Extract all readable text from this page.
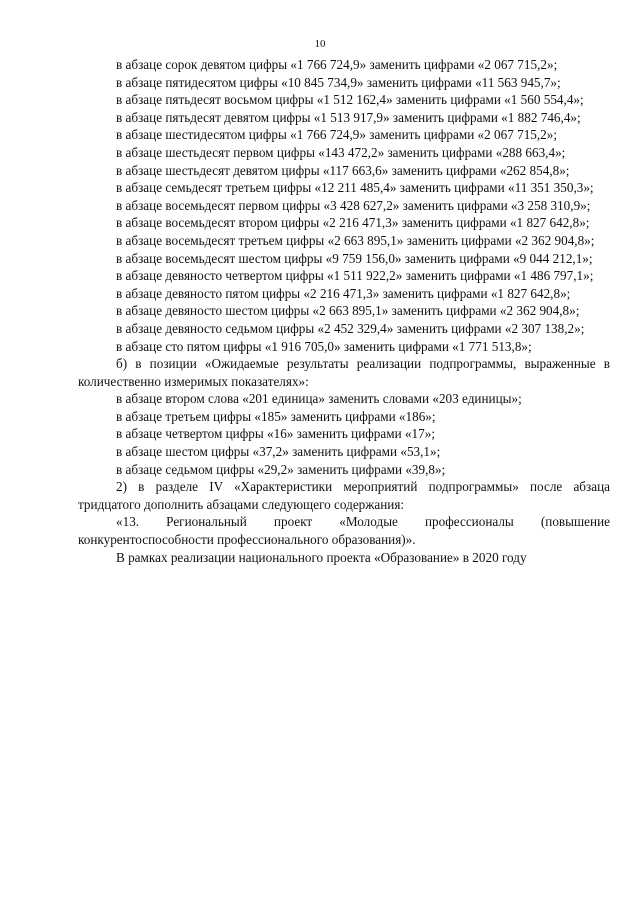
10

в абзаце сорок девятом цифры «1 766 724,9» заменить цифрами «2 067 715,2»;

в абзаце пятидесятом цифры «10 845 734,9» заменить цифрами «11 563 945,7»;

в абзаце пятьдесят восьмом цифры «1 512 162,4» заменить цифрами «1 560 554,4»;

в абзаце пятьдесят девятом цифры «1 513 917,9» заменить цифрами «1 882 746,4»;

в абзаце шестидесятом цифры «1 766 724,9» заменить цифрами «2 067 715,2»;

в абзаце шестьдесят первом цифры «143 472,2» заменить цифрами «288 663,4»;

в абзаце шестьдесят девятом цифры «117 663,6» заменить цифрами «262 854,8»;

в абзаце семьдесят третьем цифры «12 211 485,4» заменить цифрами «11 351 350,3»;

в абзаце восемьдесят первом цифры «3 428 627,2» заменить цифрами «3 258 310,9»;

в абзаце восемьдесят втором цифры «2 216 471,3» заменить цифрами «1 827 642,8»;

в абзаце восемьдесят третьем цифры «2 663 895,1» заменить цифрами «2 362 904,8»;

в абзаце восемьдесят шестом цифры «9 759 156,0» заменить цифрами «9 044 212,1»;

в абзаце девяносто четвертом цифры «1 511 922,2» заменить цифрами «1 486 797,1»;

в абзаце девяносто пятом цифры «2 216 471,3» заменить цифрами «1 827 642,8»;

в абзаце девяносто шестом цифры «2 663 895,1» заменить цифрами «2 362 904,8»;

в абзаце девяносто седьмом цифры «2 452 329,4» заменить цифрами «2 307 138,2»;

в абзаце сто пятом цифры «1 916 705,0» заменить цифрами «1 771 513,8»;

б) в позиции «Ожидаемые результаты реализации подпрограммы, выраженные в количественно измеримых показателях»:

в абзаце втором слова «201 единица» заменить словами «203 единицы»;

в абзаце третьем цифры «185» заменить цифрами «186»;

в абзаце четвертом цифры «16» заменить цифрами «17»;

в абзаце шестом цифры «37,2» заменить цифрами «53,1»;

в абзаце седьмом цифры «29,2» заменить цифрами «39,8»;

2) в разделе IV «Характеристики мероприятий подпрограммы» после абзаца тридцатого дополнить абзацами следующего содержания:

«13. Региональный проект «Молодые профессионалы (повышение конкурентоспособности профессионального образования)».

В рамках реализации национального проекта «Образование» в 2020 году
